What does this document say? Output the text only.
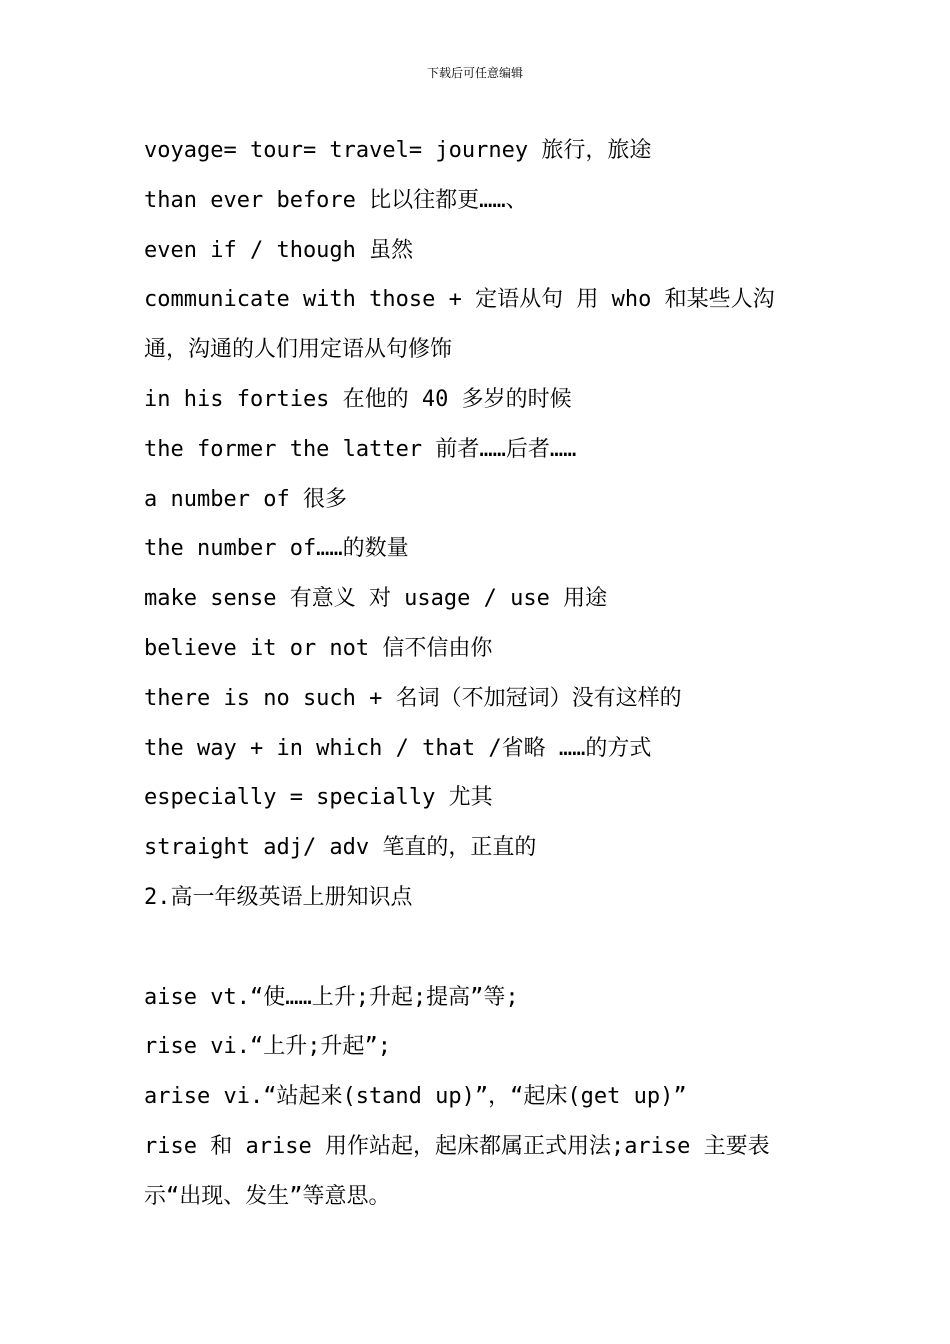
下载后可任意编辑
voyage= tour= travel= journey 旅行，旅途
than ever before 比以往都更……、
even if / though 虽然
communicate with those + 定语从句 用 who 和某些人沟
通，沟通的人们用定语从句修饰
in his forties 在他的 40 多岁的时候
the former the latter 前者……后者……
a number of 很多
the number of……的数量
make sense 有意义 对 usage / use 用途
believe it or not 信不信由你
there is no such + 名词（不加冠词）没有这样的
the way + in which / that /省略 ……的方式
especially = specially 尤其
straight adj/ adv 笔直的，正直的
2.高一年级英语上册知识点
aise vt.“使……上升;升起;提高”等;
rise vi.“上升;升起”;
arise vi.“站起来(stand up)”，“起床(get up)”
rise 和 arise 用作站起，起床都属正式用法;arise 主要表
示“出现、发生”等意思。
